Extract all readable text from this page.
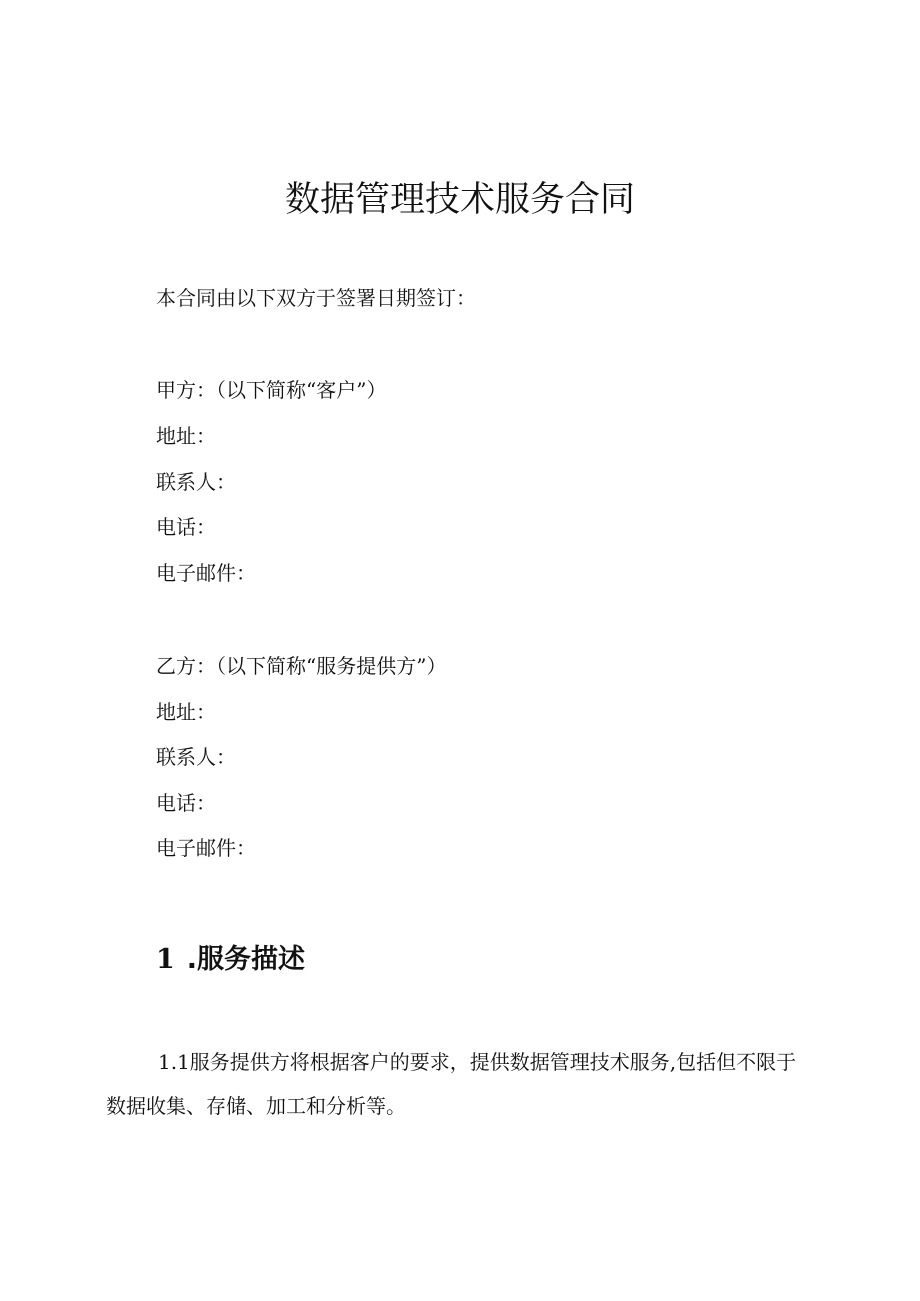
数据管理技术服务合同

本合同由以下双方于签署日期签订：

甲方：（以下简称“客户”）

地址：

联系人：

电话：

电子邮件：

乙方：（以下简称“服务提供方”）

地址：

联系人：

电话：

电子邮件：

1 .服务描述

1.1服务提供方将根据客户的要求，提供数据管理技术服务,包括但不限于数据收集、存储、加工和分析等。
